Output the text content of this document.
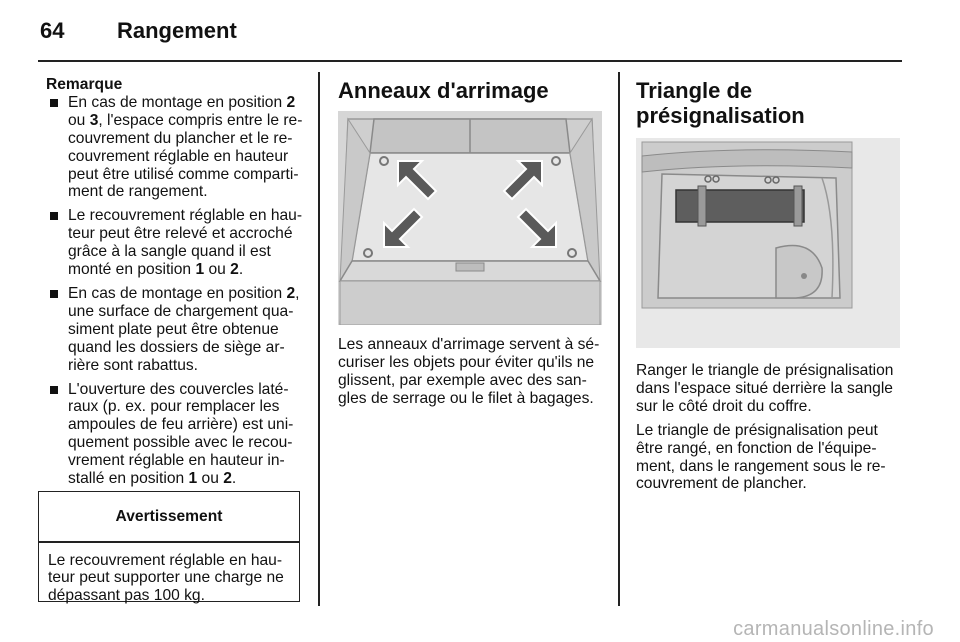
64 Rangement

Remarque

En cas de montage en position 2
ou 3, l'espace compris entre le re-
couvrement du plancher et le re-
couvrement réglable en hauteur
peut être utilisé comme comparti-
ment de rangement.
Le recouvrement réglable en hau-
teur peut être relevé et accroché
grâce à la sangle quand il est
monté en position 1 ou 2.
En cas de montage en position 2,
une surface de chargement qua-
siment plate peut être obtenue
quand les dossiers de siège ar-
rière sont rabattus.
L'ouverture des couvercles laté-
raux (p. ex. pour remplacer les
ampoules de feu arrière) est uni-
quement possible avec le recou-
vrement réglable en hauteur in-
stallé en position 1 ou 2.
Avertissement
Le recouvrement réglable en hau-
teur peut supporter une charge ne
dépassant pas 100 kg.
Anneaux d'arrimage
Les anneaux d'arrimage servent à sé-
curiser les objets pour éviter qu'ils ne
glissent, par exemple avec des san-
gles de serrage ou le filet à bagages.
Triangle de
présignalisation
Ranger le triangle de présignalisation
dans l'espace situé derrière la sangle
sur le côté droit du coffre.
Le triangle de présignalisation peut
être rangé, en fonction de l'équipe-
ment, dans le rangement sous le re-
couvrement de plancher.
carmanualsonline.info
